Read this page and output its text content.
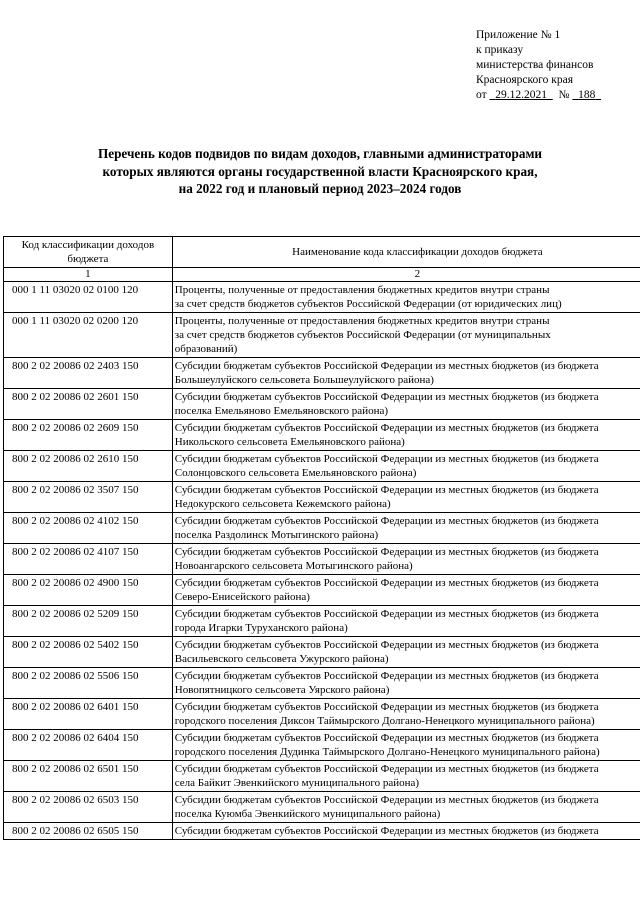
Приложение № 1
к приказу
министерства финансов
Красноярского края
от 29.12.2021 № 188
Перечень кодов подвидов по видам доходов, главными администраторами
которых являются органы государственной власти Красноярского края,
на 2022 год и плановый период 2023–2024 годов
Код классификации доходов бюджета	Наименование кода классификации доходов бюджета
1	2
000 1 11 03020 02 0100 120	Проценты, полученные от предоставления бюджетных кредитов внутри страны
за счет средств бюджетов субъектов Российской Федерации (от юридических лиц)

000 1 11 03020 02 0200 120	Проценты, полученные от предоставления бюджетных кредитов внутри страны
за счет средств бюджетов субъектов Российской Федерации (от муниципальных
образований)

800 2 02 20086 02 2403 150	Субсидии бюджетам субъектов Российской Федерации из местных бюджетов (из бюджета
Большеулуйского сельсовета Большеулуйского района)

800 2 02 20086 02 2601 150	Субсидии бюджетам субъектов Российской Федерации из местных бюджетов (из бюджета
поселка Емельяново Емельяновского района)

800 2 02 20086 02 2609 150	Субсидии бюджетам субъектов Российской Федерации из местных бюджетов (из бюджета
Никольского сельсовета Емельяновского района)

800 2 02 20086 02 2610 150	Субсидии бюджетам субъектов Российской Федерации из местных бюджетов (из бюджета
Солонцовского сельсовета Емельяновского района)

800 2 02 20086 02 3507 150	Субсидии бюджетам субъектов Российской Федерации из местных бюджетов (из бюджета
Недокурского сельсовета Кежемского района)

800 2 02 20086 02 4102 150	Субсидии бюджетам субъектов Российской Федерации из местных бюджетов (из бюджета
поселка Раздолинск Мотыгинского района)

800 2 02 20086 02 4107 150	Субсидии бюджетам субъектов Российской Федерации из местных бюджетов (из бюджета
Новоангарского сельсовета Мотыгинского района)

800 2 02 20086 02 4900 150	Субсидии бюджетам субъектов Российской Федерации из местных бюджетов (из бюджета
Северо-Енисейского района)

800 2 02 20086 02 5209 150	Субсидии бюджетам субъектов Российской Федерации из местных бюджетов (из бюджета
города Игарки Туруханского района)

800 2 02 20086 02 5402 150	Субсидии бюджетам субъектов Российской Федерации из местных бюджетов (из бюджета
Васильевского сельсовета Ужурского района)

800 2 02 20086 02 5506 150	Субсидии бюджетам субъектов Российской Федерации из местных бюджетов (из бюджета
Новопятницкого сельсовета Уярского района)

800 2 02 20086 02 6401 150	Субсидии бюджетам субъектов Российской Федерации из местных бюджетов (из бюджета
городского поселения Диксон Таймырского Долгано-Ненецкого муниципального района)

800 2 02 20086 02 6404 150	Субсидии бюджетам субъектов Российской Федерации из местных бюджетов (из бюджета
городского поселения Дудинка Таймырского Долгано-Ненецкого муниципального района)

800 2 02 20086 02 6501 150	Субсидии бюджетам субъектов Российской Федерации из местных бюджетов (из бюджета
села Байкит Эвенкийского муниципального района)

800 2 02 20086 02 6503 150	Субсидии бюджетам субъектов Российской Федерации из местных бюджетов (из бюджета
поселка Куюмба Эвенкийского муниципального района)

800 2 02 20086 02 6505 150	Субсидии бюджетам субъектов Российской Федерации из местных бюджетов (из бюджета
